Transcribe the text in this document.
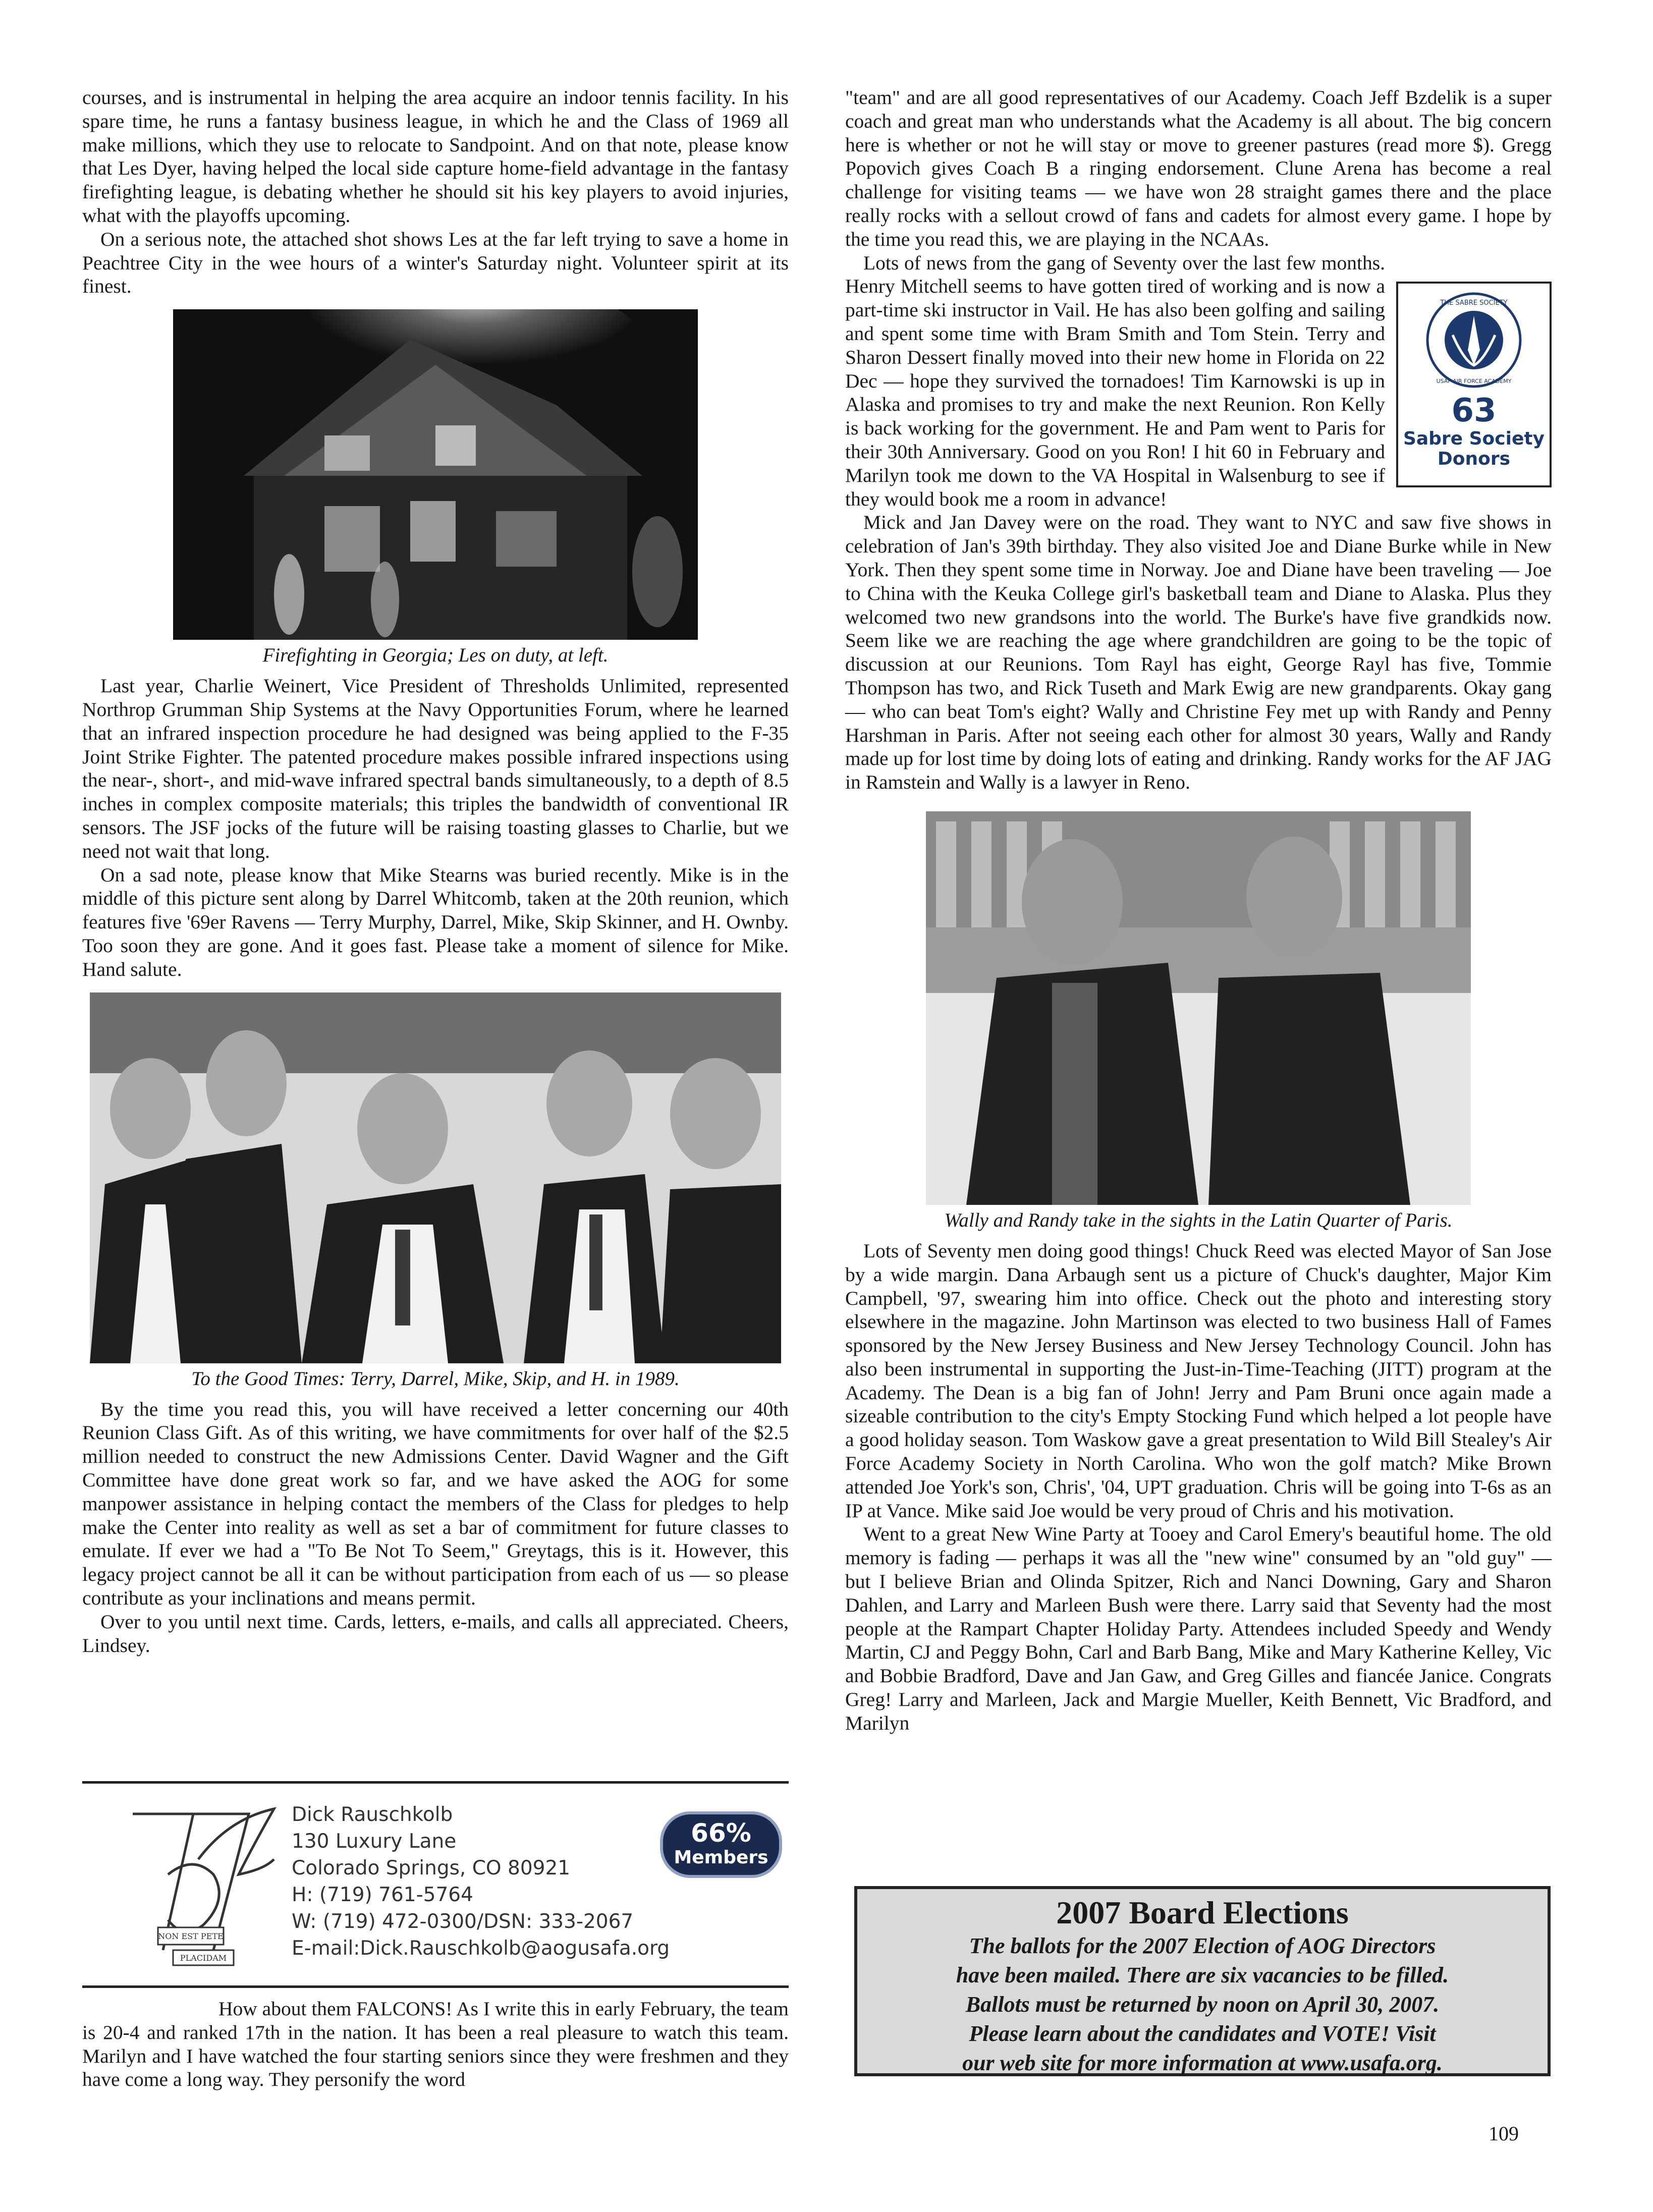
courses, and is instrumental in helping the area acquire an indoor tennis facility. In his spare time, he runs a fantasy business league, in which he and the Class of 1969 all make millions, which they use to relocate to Sandpoint. And on that note, please know that Les Dyer, having helped the local side capture home-field advantage in the fantasy firefighting league, is debating whether he should sit his key players to avoid injuries, what with the playoffs upcoming.

On a serious note, the attached shot shows Les at the far left trying to save a home in Peachtree City in the wee hours of a winter's Saturday night. Volunteer spirit at its finest.

Firefighting in Georgia; Les on duty, at left.

Last year, Charlie Weinert, Vice President of Thresholds Unlimited, represented Northrop Grumman Ship Systems at the Navy Opportunities Forum, where he learned that an infrared inspection procedure he had designed was being applied to the F-35 Joint Strike Fighter. The patented procedure makes possible infrared inspections using the near-, short-, and mid-wave infrared spectral bands simultaneously, to a depth of 8.5 inches in complex composite materials; this triples the bandwidth of conventional IR sensors. The JSF jocks of the future will be raising toasting glasses to Charlie, but we need not wait that long.

On a sad note, please know that Mike Stearns was buried recently. Mike is in the middle of this picture sent along by Darrel Whitcomb, taken at the 20th reunion, which features five '69er Ravens — Terry Murphy, Darrel, Mike, Skip Skinner, and H. Ownby. Too soon they are gone. And it goes fast. Please take a moment of silence for Mike. Hand salute.

To the Good Times: Terry, Darrel, Mike, Skip, and H. in 1989.

By the time you read this, you will have received a letter concerning our 40th Reunion Class Gift. As of this writing, we have commitments for over half of the $2.5 million needed to construct the new Admissions Center. David Wagner and the Gift Committee have done great work so far, and we have asked the AOG for some manpower assistance in helping contact the members of the Class for pledges to help make the Center into reality as well as set a bar of commitment for future classes to emulate. If ever we had a "To Be Not To Seem," Greytags, this is it. However, this legacy project cannot be all it can be without participation from each of us — so please contribute as your inclinations and means permit.

Over to you until next time. Cards, letters, e-mails, and calls all appreciated. Cheers, Lindsey.

NON EST PETE
PLACIDAM
Dick Rauschkolb
130 Luxury Lane
Colorado Springs, CO 80921
H: (719) 761-5764
W: (719) 472-0300/DSN: 333-2067
E-mail:Dick.Rauschkolb@aogusafa.org
66%
Members

How about them FALCONS! As I write this in early February, the team is 20-4 and ranked 17th in the nation. It has been a real pleasure to watch this team. Marilyn and I have watched the four starting seniors since they were freshmen and they have come a long way. They personify the word

"team" and are all good representatives of our Academy. Coach Jeff Bzdelik is a super coach and great man who understands what the Academy is all about. The big concern here is whether or not he will stay or move to greener pastures (read more $). Gregg Popovich gives Coach B a ringing endorsement. Clune Arena has become a real challenge for visiting teams — we have won 28 straight games there and the place really rocks with a sellout crowd of fans and cadets for almost every game. I hope by the time you read this, we are playing in the NCAAs.

THE SABRE SOCIETY
USAF AIR FORCE ACADEMY
63
Sabre Society
Donors

Lots of news from the gang of Seventy over the last few months. Henry Mitchell seems to have gotten tired of working and is now a part-time ski instructor in Vail. He has also been golfing and sailing and spent some time with Bram Smith and Tom Stein. Terry and Sharon Dessert finally moved into their new home in Florida on 22 Dec — hope they survived the tornadoes! Tim Karnowski is up in Alaska and promises to try and make the next Reunion. Ron Kelly is back working for the government. He and Pam went to Paris for their 30th Anniversary. Good on you Ron! I hit 60 in February and Marilyn took me down to the VA Hospital in Walsenburg to see if they would book me a room in advance!

Mick and Jan Davey were on the road. They want to NYC and saw five shows in celebration of Jan's 39th birthday. They also visited Joe and Diane Burke while in New York. Then they spent some time in Norway. Joe and Diane have been traveling — Joe to China with the Keuka College girl's basketball team and Diane to Alaska. Plus they welcomed two new grandsons into the world. The Burke's have five grandkids now. Seem like we are reaching the age where grandchildren are going to be the topic of discussion at our Reunions. Tom Rayl has eight, George Rayl has five, Tommie Thompson has two, and Rick Tuseth and Mark Ewig are new grandparents. Okay gang — who can beat Tom's eight? Wally and Christine Fey met up with Randy and Penny Harshman in Paris. After not seeing each other for almost 30 years, Wally and Randy made up for lost time by doing lots of eating and drinking. Randy works for the AF JAG in Ramstein and Wally is a lawyer in Reno.

Wally and Randy take in the sights in the Latin Quarter of Paris.

Lots of Seventy men doing good things! Chuck Reed was elected Mayor of San Jose by a wide margin. Dana Arbaugh sent us a picture of Chuck's daughter, Major Kim Campbell, '97, swearing him into office. Check out the photo and interesting story elsewhere in the magazine. John Martinson was elected to two business Hall of Fames sponsored by the New Jersey Business and New Jersey Technology Council. John has also been instrumental in supporting the Just-in-Time-Teaching (JITT) program at the Academy. The Dean is a big fan of John! Jerry and Pam Bruni once again made a sizeable contribution to the city's Empty Stocking Fund which helped a lot people have a good holiday season. Tom Waskow gave a great presentation to Wild Bill Stealey's Air Force Academy Society in North Carolina. Who won the golf match? Mike Brown attended Joe York's son, Chris', '04, UPT graduation. Chris will be going into T-6s as an IP at Vance. Mike said Joe would be very proud of Chris and his motivation.

Went to a great New Wine Party at Tooey and Carol Emery's beautiful home. The old memory is fading — perhaps it was all the "new wine" consumed by an "old guy" — but I believe Brian and Olinda Spitzer, Rich and Nanci Downing, Gary and Sharon Dahlen, and Larry and Marleen Bush were there. Larry said that Seventy had the most people at the Rampart Chapter Holiday Party. Attendees included Speedy and Wendy Martin, CJ and Peggy Bohn, Carl and Barb Bang, Mike and Mary Katherine Kelley, Vic and Bobbie Bradford, Dave and Jan Gaw, and Greg Gilles and fiancée Janice. Congrats Greg! Larry and Marleen, Jack and Margie Mueller, Keith Bennett, Vic Bradford, and Marilyn

2007 Board Elections
The ballots for the 2007 Election of AOG Directors
have been mailed. There are six vacancies to be filled.
Ballots must be returned by noon on April 30, 2007.
Please learn about the candidates and VOTE! Visit
our web site for more information at www.usafa.org.
109
